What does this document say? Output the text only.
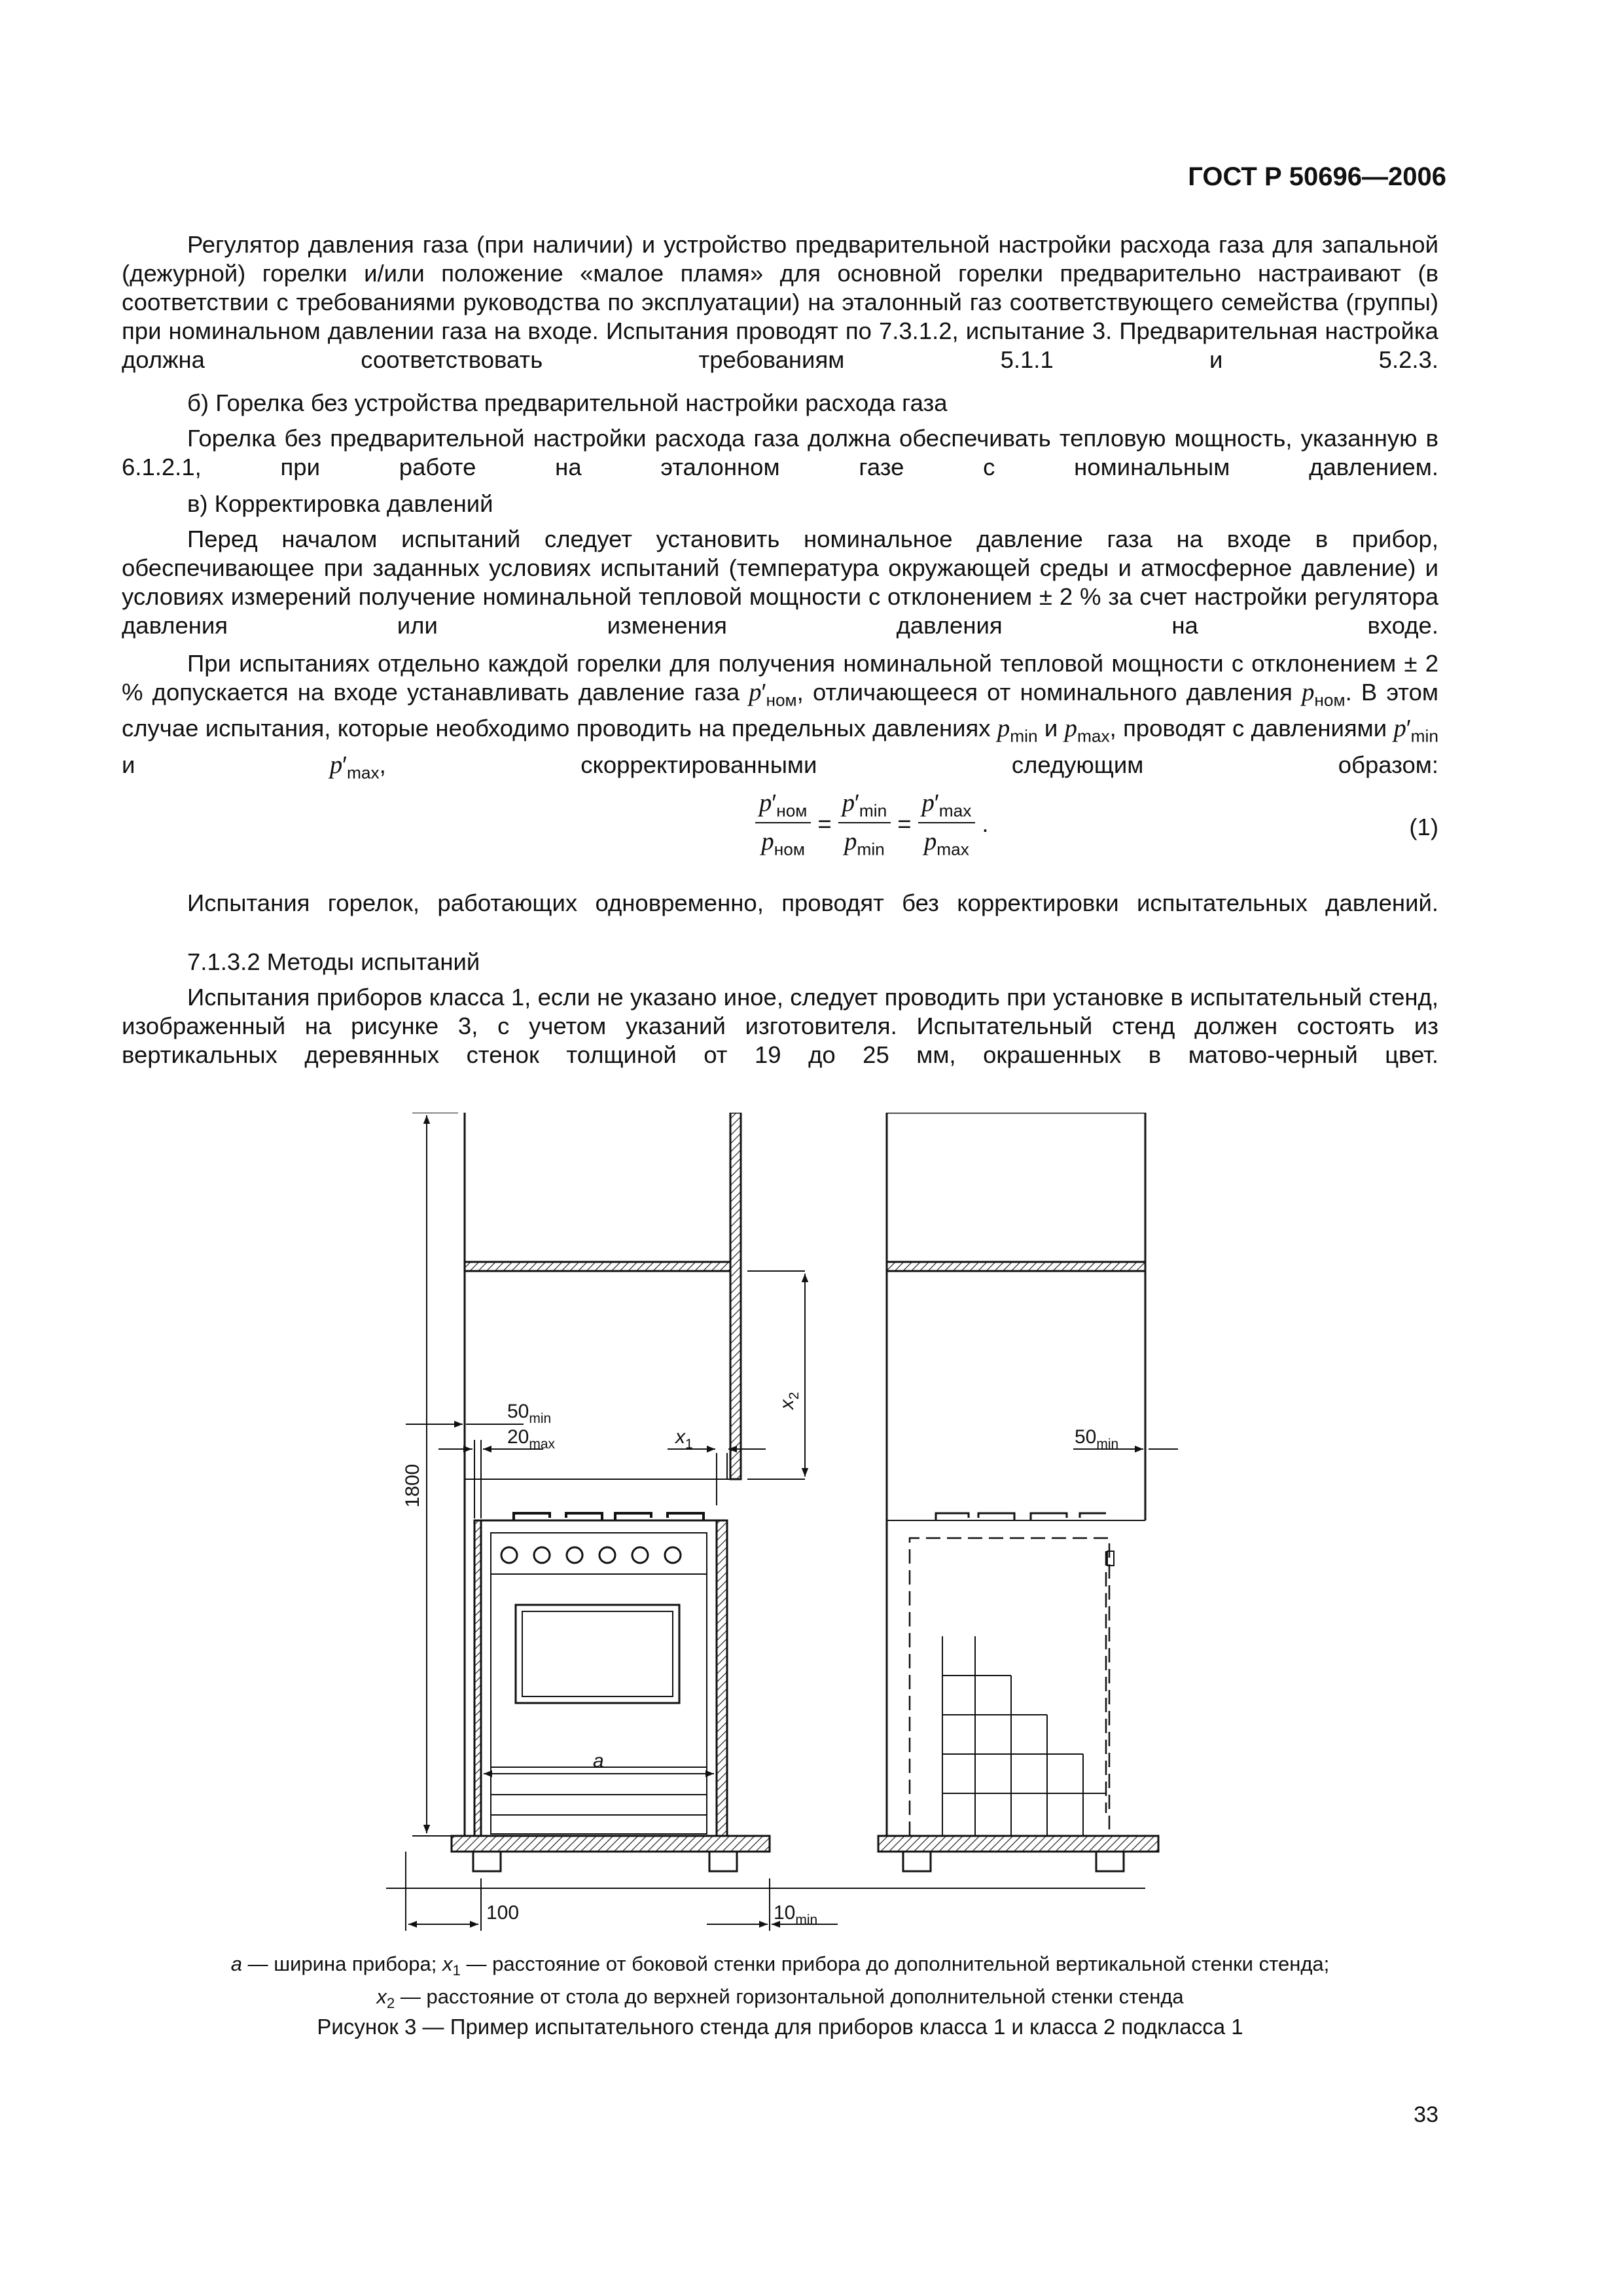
ГОСТ Р 50696—2006
Регулятор давления газа (при наличии) и устройство предварительной настройки расхода газа для запальной (дежурной) горелки и/или положение «малое пламя» для основной горелки предварительно настраивают (в соответствии с требованиями руководства по эксплуатации) на эталонный газ соответствующего семейства (группы) при номинальном давлении газа на входе. Испытания проводят по 7.3.1.2, испытание 3. Предварительная настройка должна соответствовать требованиям 5.1.1 и 5.2.3.
б) Горелка без устройства предварительной настройки расхода газа
Горелка без предварительной настройки расхода газа должна обеспечивать тепловую мощность, указанную в 6.1.2.1, при работе на эталонном газе с номинальным давлением.
в) Корректировка давлений
Перед началом испытаний следует установить номинальное давление газа на входе в прибор, обеспечивающее при заданных условиях испытаний (температура окружающей среды и атмосферное давление) и условиях измерений получение номинальной тепловой мощности с отклонением ± 2 % за счет настройки регулятора давления или изменения давления на входе.
При испытаниях отдельно каждой горелки для получения номинальной тепловой мощности с отклонением ± 2 % допускается на входе устанавливать давление газа $p'_{ном}$, отличающееся от номинального давления $p_{ном}$. В этом случае испытания, которые необходимо проводить на предельных давлениях $p_{min}$ и $p_{max}$, проводят с давлениями $p'_{min}$ и $p'_{max}$, скорректированными следующим образом:
$\frac{p'_{ном}}{p_{ном}} = \frac{p'_{min}}{p_{min}} = \frac{p'_{max}}{p_{max}}$ .	(1)
Испытания горелок, работающих одновременно, проводят без корректировки испытательных давлений.
7.1.3.2 Методы испытаний
Испытания приборов класса 1, если не указано иное, следует проводить при установке в испытательный стенд, изображенный на рисунке 3, с учетом указаний изготовителя. Испытательный стенд должен состоять из вертикальных деревянных стенок толщиной от 19 до 25 мм, окрашенных в матово-черный цвет.
1800
$x_2$
$50_{min}$
$20_{max}$	$x_1$	$50_{min}$
a
100	$10_{min}$
a — ширина прибора; $x_1$ — расстояние от боковой стенки прибора до дополнительной вертикальной стенки стенда;
$x_2$ — расстояние от стола до верхней горизонтальной дополнительной стенки стенда
Рисунок 3 — Пример испытательного стенда для приборов класса 1 и класса 2 подкласса 1
33
